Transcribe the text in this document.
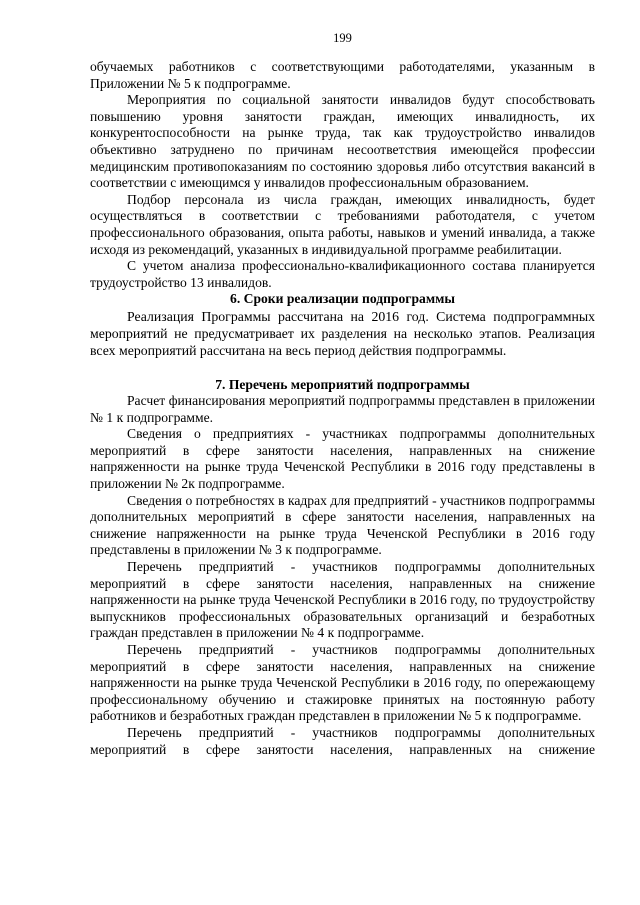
199

обучаемых работников с соответствующими работодателями, указанным в Приложении № 5 к подпрограмме.

Мероприятия по социальной занятости инвалидов будут способствовать повышению уровня занятости граждан, имеющих инвалидность, их конкурентоспособности на рынке труда, так как трудоустройство инвалидов объективно затруднено по причинам несоответствия имеющейся профессии медицинским противопоказаниям по состоянию здоровья либо отсутствия вакансий в соответствии с имеющимся у инвалидов профессиональным образованием.

Подбор персонала из числа граждан, имеющих инвалидность, будет осуществляться в соответствии с требованиями работодателя, с учетом профессионального образования, опыта работы, навыков и умений инвалида, а также исходя из рекомендаций, указанных в индивидуальной программе реабилитации.

С учетом анализа профессионально-квалификационного состава планируется трудоустройство 13 инвалидов.

6. Сроки реализации подпрограммы

Реализация Программы рассчитана на 2016 год. Система подпрограммных мероприятий не предусматривает их разделения на несколько этапов. Реализация всех мероприятий рассчитана на весь период действия подпрограммы.

7. Перечень мероприятий подпрограммы

Расчет финансирования мероприятий подпрограммы представлен в приложении № 1 к подпрограмме.

Сведения о предприятиях - участниках подпрограммы дополнительных мероприятий в сфере занятости населения, направленных на снижение напряженности на рынке труда Чеченской Республики в 2016 году представлены в приложении № 2к подпрограмме.

Сведения о потребностях в кадрах для предприятий - участников подпрограммы дополнительных мероприятий в сфере занятости населения, направленных на снижение напряженности на рынке труда Чеченской Республики в 2016 году представлены в приложении № 3 к подпрограмме.

Перечень предприятий - участников подпрограммы дополнительных мероприятий в сфере занятости населения, направленных на снижение напряженности на рынке труда Чеченской Республики в 2016 году, по трудоустройству выпускников профессиональных образовательных организаций и безработных граждан представлен в приложении № 4 к подпрограмме.

Перечень предприятий - участников подпрограммы дополнительных мероприятий в сфере занятости населения, направленных на снижение напряженности на рынке труда Чеченской Республики в 2016 году, по опережающему профессиональному обучению и стажировке принятых на постоянную работу работников и безработных граждан представлен в приложении № 5 к подпрограмме.

Перечень предприятий - участников подпрограммы дополнительных мероприятий в сфере занятости населения, направленных на снижение
